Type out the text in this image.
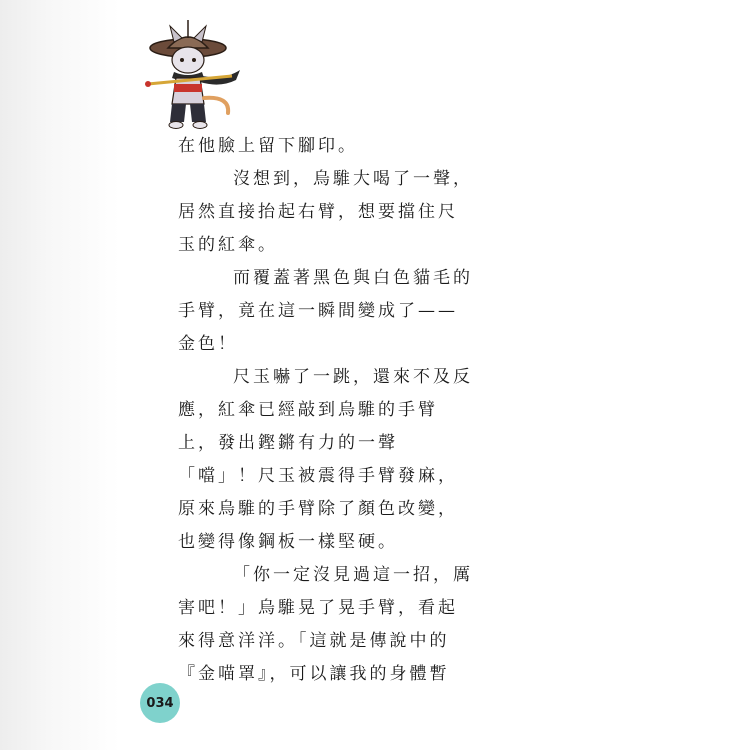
在他臉上留下腳印。
沒想到，烏騅大喝了一聲，
居然直接抬起右臂，想要擋住尺
玉的紅傘。
而覆蓋著黑色與白色貓毛的
手臂，竟在這一瞬間變成了——
金色！
尺玉嚇了一跳，還來不及反
應，紅傘已經敲到烏騅的手臂
上，發出鏗鏘有力的一聲
「噹」！尺玉被震得手臂發麻，
原來烏騅的手臂除了顏色改變，
也變得像鋼板一樣堅硬。
「你一定沒見過這一招，厲
害吧！」烏騅晃了晃手臂，看起
來得意洋洋。「這就是傳說中的
『金喵罩』，可以讓我的身體暫
034
